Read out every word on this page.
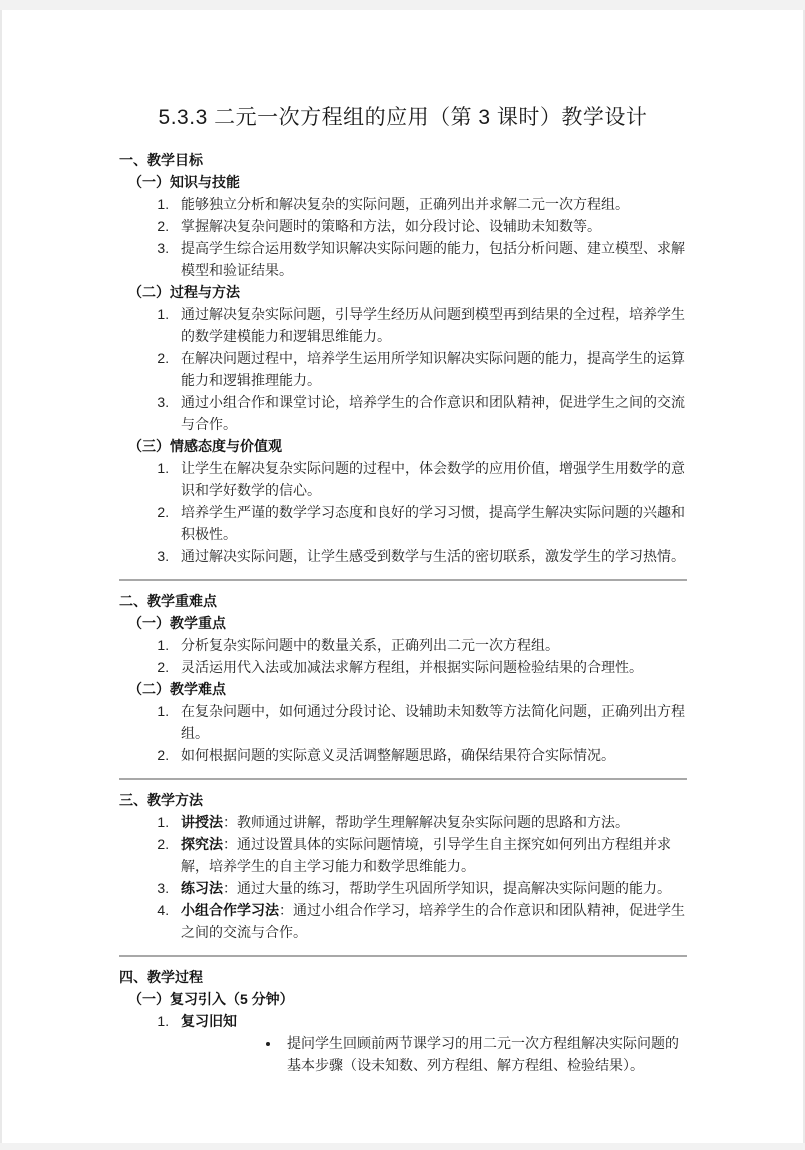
5.3.3 二元一次方程组的应用（第 3 课时）教学设计

一、教学目标

（一）知识与技能

1. 能够独立分析和解决复杂的实际问题，正确列出并求解二元一次方程组。
2. 掌握解决复杂问题时的策略和方法，如分段讨论、设辅助未知数等。
3. 提高学生综合运用数学知识解决实际问题的能力，包括分析问题、建立模型、求解模型和验证结果。

（二）过程与方法

1. 通过解决复杂实际问题，引导学生经历从问题到模型再到结果的全过程，培养学生的数学建模能力和逻辑思维能力。
2. 在解决问题过程中，培养学生运用所学知识解决实际问题的能力，提高学生的运算能力和逻辑推理能力。
3. 通过小组合作和课堂讨论，培养学生的合作意识和团队精神，促进学生之间的交流与合作。

（三）情感态度与价值观

1. 让学生在解决复杂实际问题的过程中，体会数学的应用价值，增强学生用数学的意识和学好数学的信心。
2. 培养学生严谨的数学学习态度和良好的学习习惯，提高学生解决实际问题的兴趣和积极性。
3. 通过解决实际问题，让学生感受到数学与生活的密切联系，激发学生的学习热情。

二、教学重难点

（一）教学重点

1. 分析复杂实际问题中的数量关系，正确列出二元一次方程组。
2. 灵活运用代入法或加减法求解方程组，并根据实际问题检验结果的合理性。

（二）教学难点

1. 在复杂问题中，如何通过分段讨论、设辅助未知数等方法简化问题，正确列出方程组。
2. 如何根据问题的实际意义灵活调整解题思路，确保结果符合实际情况。

三、教学方法

1. 讲授法：教师通过讲解，帮助学生理解解决复杂实际问题的思路和方法。
2. 探究法：通过设置具体的实际问题情境，引导学生自主探究如何列出方程组并求解，培养学生的自主学习能力和数学思维能力。
3. 练习法：通过大量的练习，帮助学生巩固所学知识，提高解决实际问题的能力。
4. 小组合作学习法：通过小组合作学习，培养学生的合作意识和团队精神，促进学生之间的交流与合作。

四、教学过程

（一）复习引入（5 分钟）

1. 复习旧知
• 提问学生回顾前两节课学习的用二元一次方程组解决实际问题的基本步骤（设未知数、列方程组、解方程组、检验结果）。
